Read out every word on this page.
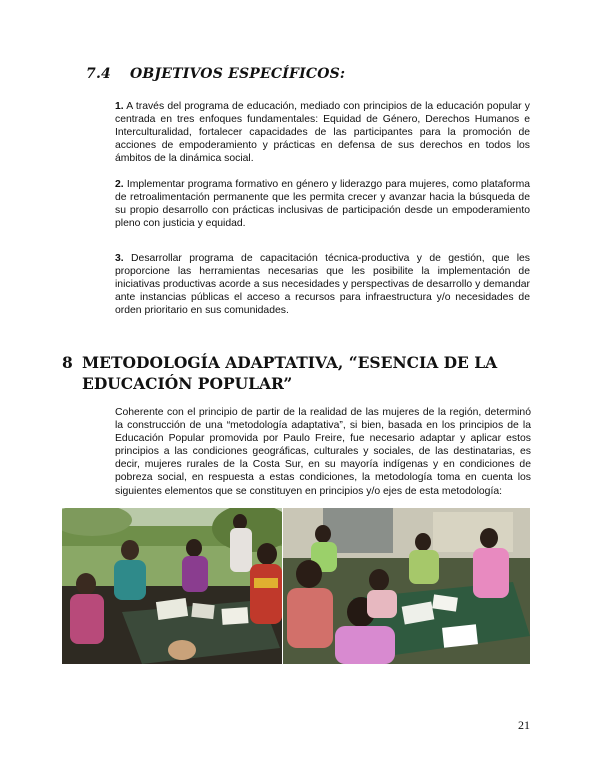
7.4 OBJETIVOS ESPECÍFICOS:

1. A través del programa de educación, mediado con principios de la educación popular y centrada en tres enfoques fundamentales: Equidad de Género, Derechos Humanos e Interculturalidad, fortalecer capacidades de las participantes para la promoción de acciones de empoderamiento y prácticas en defensa de sus derechos en todos los ámbitos de la dinámica social.

2. Implementar programa formativo en género y liderazgo para mujeres, como plataforma de retroalimentación permanente que les permita crecer y avanzar hacia la búsqueda de su propio desarrollo con prácticas inclusivas de participación desde un empoderamiento pleno con justicia y equidad.

3. Desarrollar programa de capacitación técnica-productiva y de gestión, que les proporcione las herramientas necesarias que les posibilite la implementación de iniciativas productivas acorde a sus necesidades y perspectivas de desarrollo y demandar ante instancias públicas el acceso a recursos para infraestructura y/o necesidades de orden prioritario en sus comunidades.

8 METODOLOGÍA ADAPTATIVA, “ESENCIA DE LA EDUCACIÓN POPULAR”

Coherente con el principio de partir de la realidad de las mujeres de la región, determinó la construcción de una “metodología adaptativa”, si bien, basada en los principios de la Educación Popular promovida por Paulo Freire, fue necesario adaptar y aplicar estos principios a las condiciones geográficas, culturales y sociales, de las destinatarias, es decir, mujeres rurales de la Costa Sur, en su mayoría indígenas y en condiciones de pobreza social, en respuesta a estas condiciones, la metodología toma en cuenta los siguientes elementos que se constituyen en principios y/o ejes de esta metodología:

21
